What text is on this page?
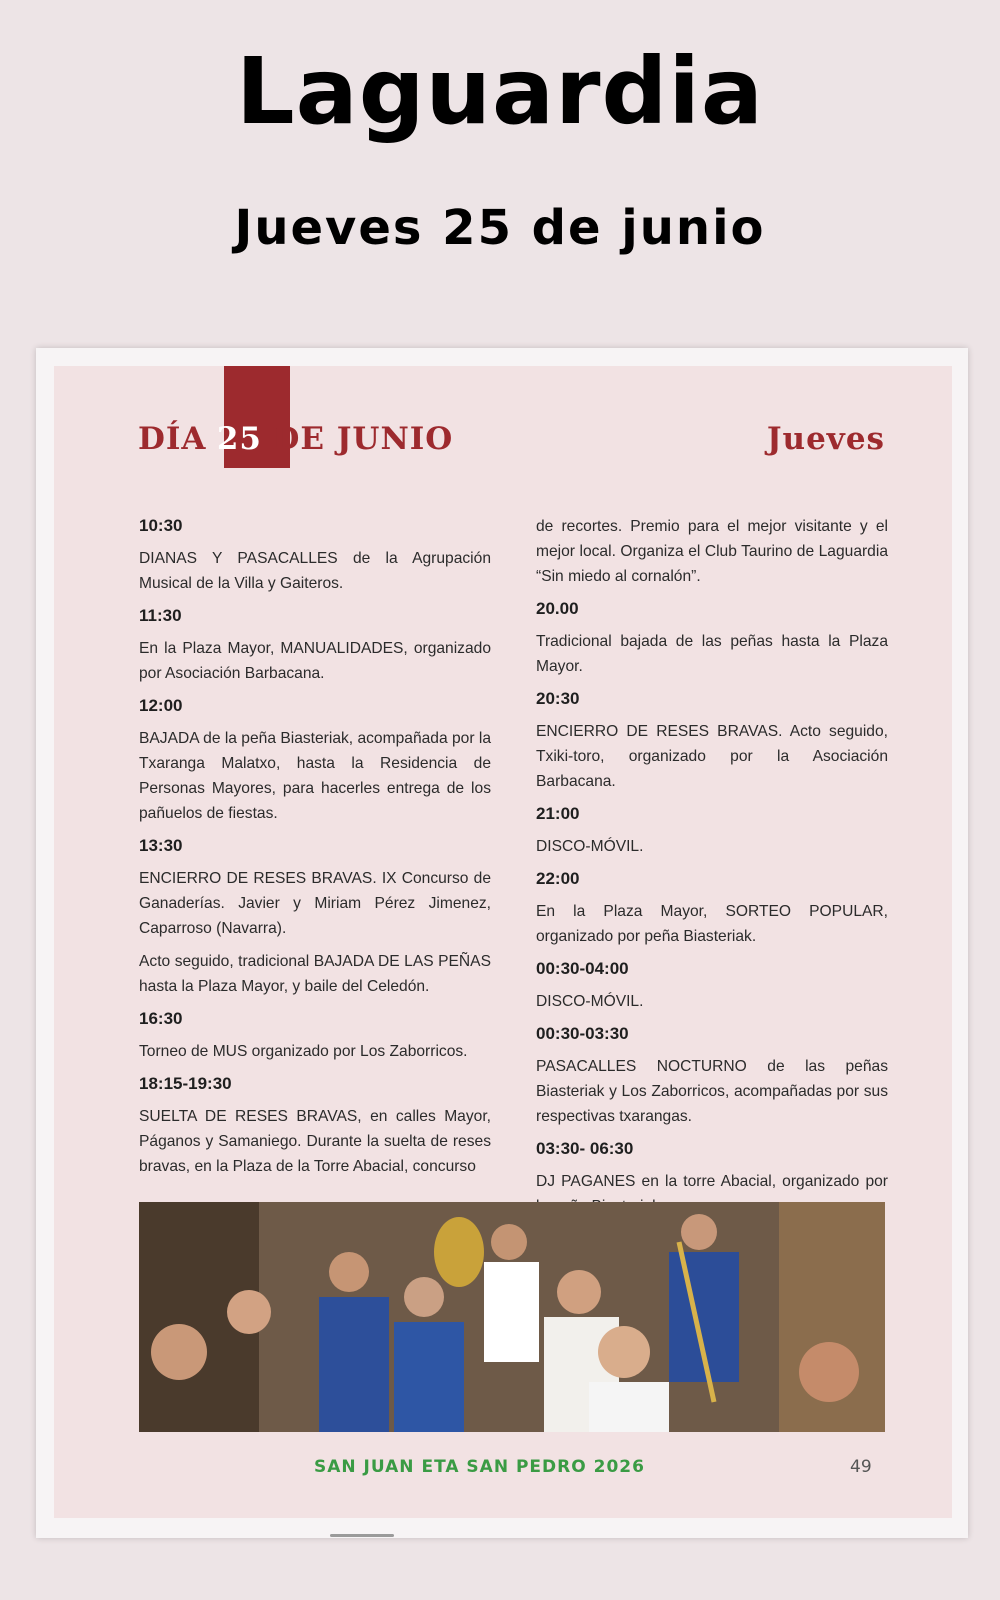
Laguardia
Jueves 25 de junio
DÍA 25 DE JUNIO	Jueves
10:30
DIANAS Y PASACALLES de la Agrupación Musical de la Villa y Gaiteros.
11:30
En la Plaza Mayor, MANUALIDADES, organizado por Asociación Barbacana.
12:00
BAJADA de la peña Biasteriak, acompañada por la Txaranga Malatxo, hasta la Residencia de Personas Mayores, para hacerles entrega de los pañuelos de fiestas.
13:30
ENCIERRO DE RESES BRAVAS. IX Concurso de Ganaderías. Javier y Miriam Pérez Jimenez, Caparroso (Navarra).
Acto seguido, tradicional BAJADA DE LAS PEÑAS hasta la Plaza Mayor, y baile del Celedón.
16:30
Torneo de MUS organizado por Los Zaborricos.
18:15-19:30
SUELTA DE RESES BRAVAS, en calles Mayor, Páganos y Samaniego. Durante la suelta de reses bravas, en la Plaza de la Torre Abacial, concurso
de recortes. Premio para el mejor visitante y el mejor local. Organiza el Club Taurino de Laguardia “Sin miedo al cornalón”.
20.00
Tradicional bajada de las peñas hasta la Plaza Mayor.
20:30
ENCIERRO DE RESES BRAVAS. Acto seguido, Txiki-toro, organizado por la Asociación Barbacana.
21:00
DISCO-MÓVIL.
22:00
En la Plaza Mayor, SORTEO POPULAR, organizado por peña Biasteriak.
00:30-04:00
DISCO-MÓVIL.
00:30-03:30
PASACALLES NOCTURNO de las peñas Biasteriak y Los Zaborricos, acompañadas por sus respectivas txarangas.
03:30- 06:30
DJ PAGANES en la torre Abacial, organizado por
SAN JUAN ETA SAN PEDRO 2026	49
